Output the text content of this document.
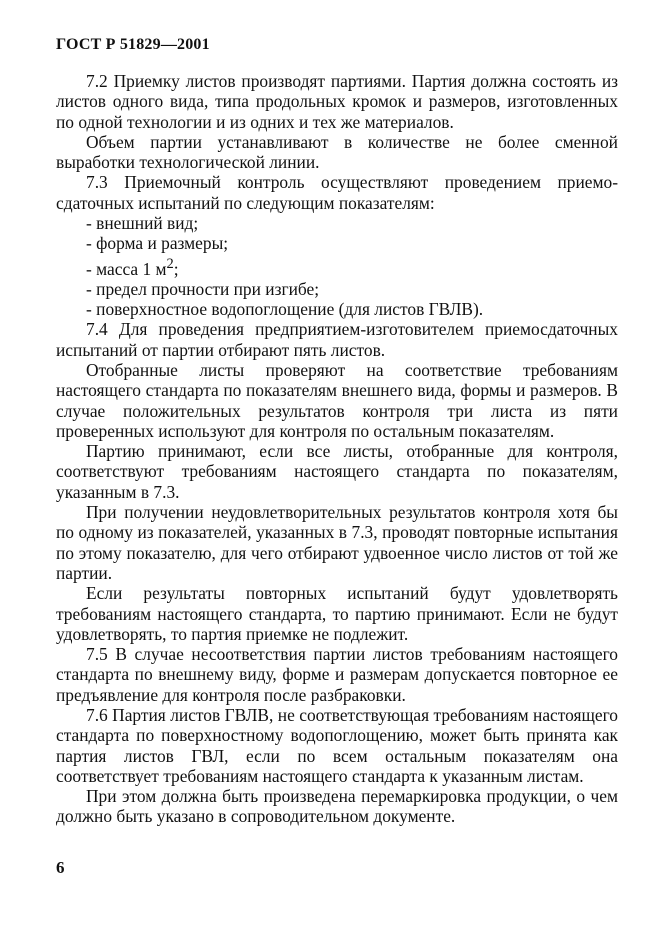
ГОСТ Р 51829—2001

7.2 Приемку листов производят партиями. Партия должна состоять из листов одного вида, типа продольных кромок и размеров, изготовленных по одной технологии и из одних и тех же материалов.

Объем партии устанавливают в количестве не более сменной выработки технологической линии.

7.3 Приемочный контроль осуществляют проведением приемо-сдаточных испытаний по следующим показателям:

- внешний вид;
- форма и размеры;
- масса 1 $м^2$;
- предел прочности при изгибе;
- поверхностное водопоглощение (для листов ГВЛВ).

7.4 Для проведения предприятием-изготовителем приемосдаточных испытаний от партии отбирают пять листов.

Отобранные листы проверяют на соответствие требованиям настоящего стандарта по показателям внешнего вида, формы и размеров. В случае положительных результатов контроля три листа из пяти проверенных используют для контроля по остальным показателям.

Партию принимают, если все листы, отобранные для контроля, соответствуют требованиям настоящего стандарта по показателям, указанным в 7.3.

При получении неудовлетворительных результатов контроля хотя бы по одному из показателей, указанных в 7.3, проводят повторные испытания по этому показателю, для чего отбирают удвоенное число листов от той же партии.

Если результаты повторных испытаний будут удовлетворять требованиям настоящего стандарта, то партию принимают. Если не будут удовлетворять, то партия приемке не подлежит.

7.5 В случае несоответствия партии листов требованиям настоящего стандарта по внешнему виду, форме и размерам допускается повторное ее предъявление для контроля после разбраковки.

7.6 Партия листов ГВЛВ, не соответствующая требованиям настоящего стандарта по поверхностному водопоглощению, может быть принята как партия листов ГВЛ, если по всем остальным показателям она соответствует требованиям настоящего стандарта к указанным листам.

При этом должна быть произведена перемаркировка продукции, о чем должно быть указано в сопроводительном документе.

6
